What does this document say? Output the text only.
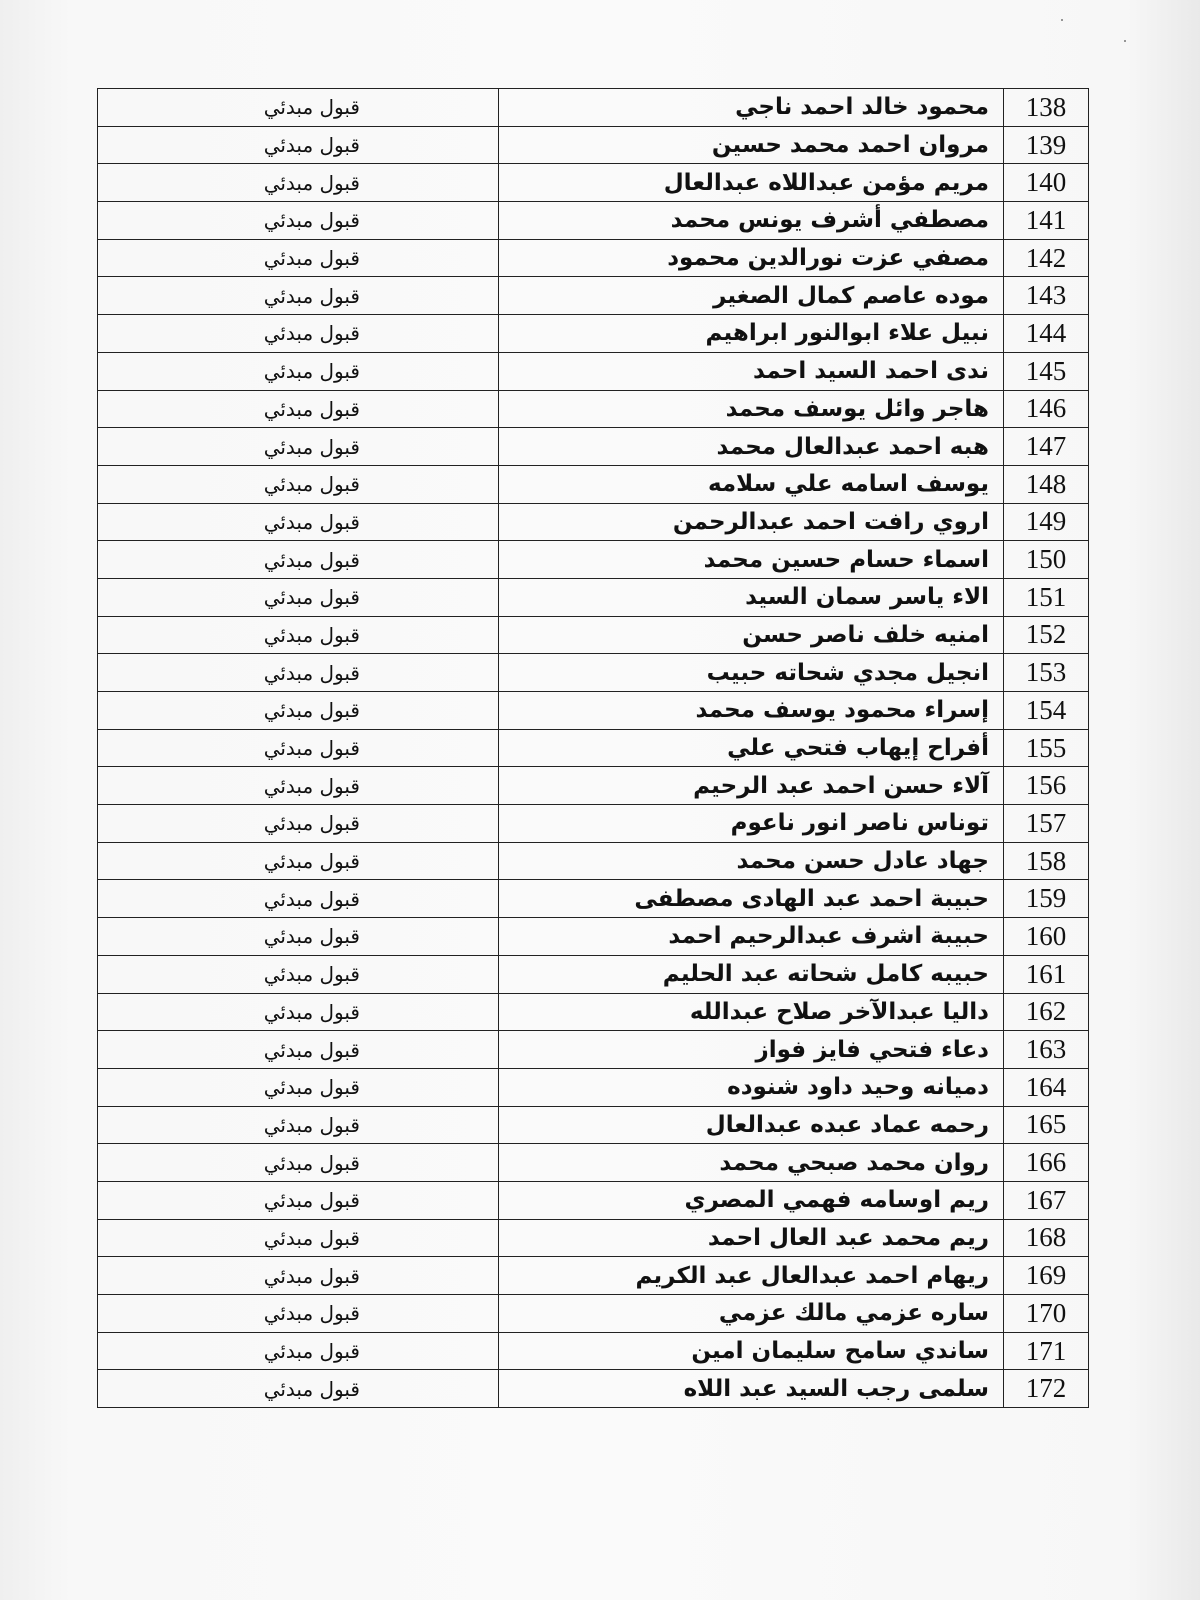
138	محمود خالد احمد ناجي	قبول مبدئي
139	مروان احمد محمد حسين	قبول مبدئي
140	مريم مؤمن عبداللاه عبدالعال	قبول مبدئي
141	مصطفي أشرف يونس محمد	قبول مبدئي
142	مصفي عزت نورالدين محمود	قبول مبدئي
143	موده عاصم كمال الصغير	قبول مبدئي
144	نبيل علاء ابوالنور ابراهيم	قبول مبدئي
145	ندى احمد السيد احمد	قبول مبدئي
146	هاجر وائل يوسف محمد	قبول مبدئي
147	هبه احمد عبدالعال محمد	قبول مبدئي
148	يوسف اسامه علي سلامه	قبول مبدئي
149	اروي رافت احمد عبدالرحمن	قبول مبدئي
150	اسماء حسام حسين محمد	قبول مبدئي
151	الاء ياسر سمان السيد	قبول مبدئي
152	امنيه خلف ناصر حسن	قبول مبدئي
153	انجيل مجدي شحاته حبيب	قبول مبدئي
154	إسراء محمود يوسف محمد	قبول مبدئي
155	أفراح إيهاب فتحي علي	قبول مبدئي
156	آلاء حسن احمد عبد الرحيم	قبول مبدئي
157	توناس ناصر انور ناعوم	قبول مبدئي
158	جهاد عادل حسن محمد	قبول مبدئي
159	حبيبة احمد عبد الهادى مصطفى	قبول مبدئي
160	حبيبة اشرف عبدالرحيم احمد	قبول مبدئي
161	حبيبه كامل شحاته عبد الحليم	قبول مبدئي
162	داليا عبدالآخر صلاح عبدالله	قبول مبدئي
163	دعاء فتحي فايز فواز	قبول مبدئي
164	دميانه وحيد داود شنوده	قبول مبدئي
165	رحمه عماد عبده عبدالعال	قبول مبدئي
166	روان محمد صبحي محمد	قبول مبدئي
167	ريم اوسامه فهمي المصري	قبول مبدئي
168	ريم محمد عبد العال احمد	قبول مبدئي
169	ريهام احمد عبدالعال عبد الكريم	قبول مبدئي
170	ساره عزمي مالك عزمي	قبول مبدئي
171	ساندي سامح سليمان امين	قبول مبدئي
172	سلمى رجب السيد عبد اللاه	قبول مبدئي
